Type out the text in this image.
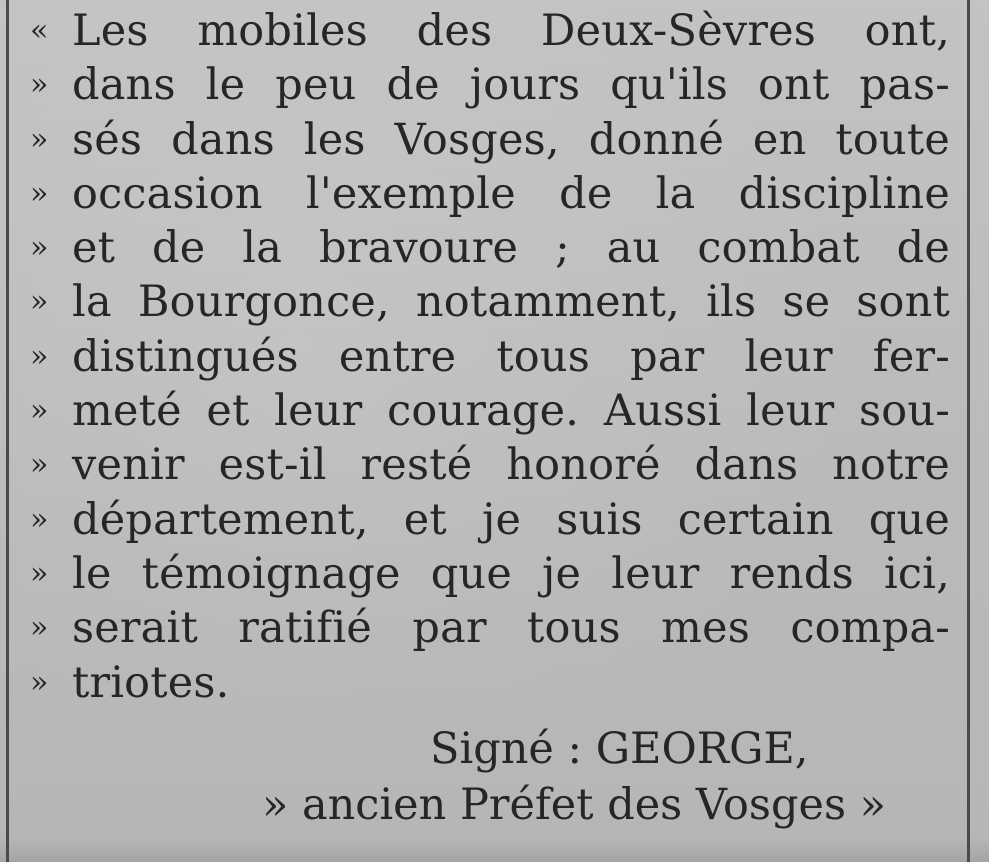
« Les mobiles des Deux-Sèvres ont,
» dans le peu de jours qu'ils ont pas-
» sés dans les Vosges, donné en toute
» occasion l'exemple de la discipline
» et de la bravoure ; au combat de
» la Bourgonce, notamment, ils se sont
» distingués entre tous par leur fer-
» meté et leur courage. Aussi leur sou-
» venir est-il resté honoré dans notre
» département, et je suis certain que
» le témoignage que je leur rends ici,
» serait ratifié par tous mes compa-
» triotes.
Signé : GEORGE,
» ancien Préfet des Vosges »
